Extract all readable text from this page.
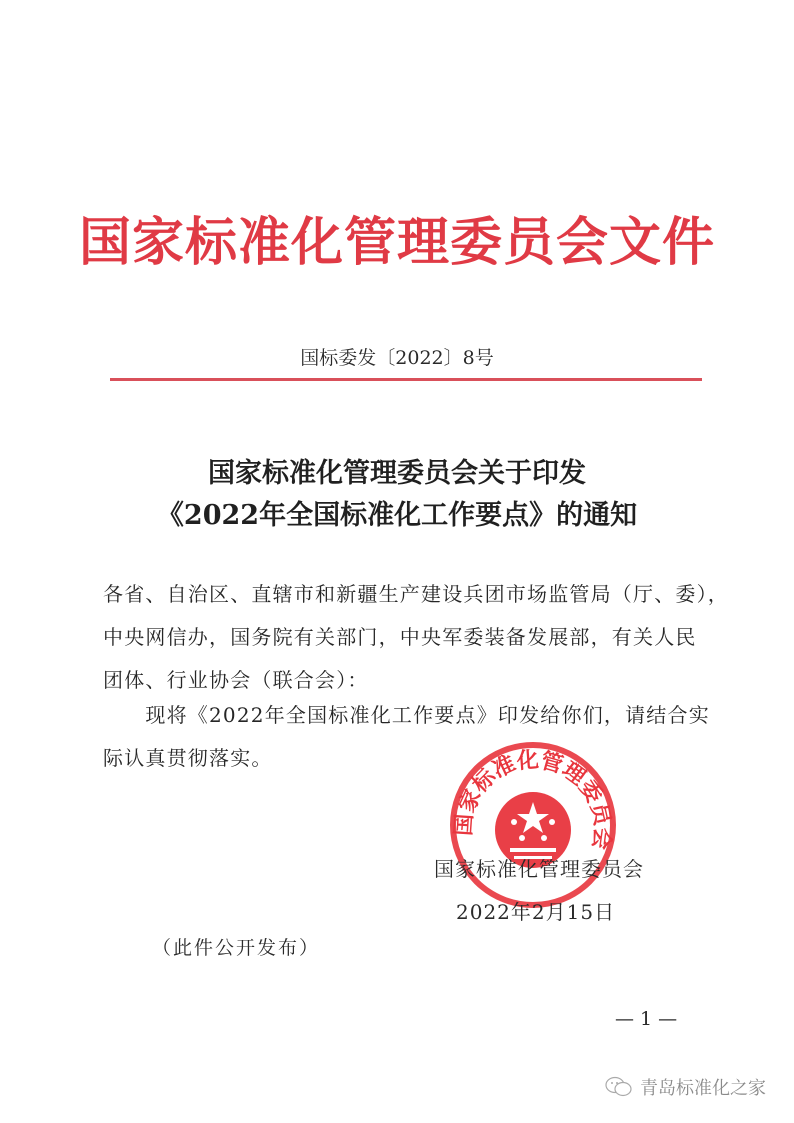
国家标准化管理委员会文件
国标委发〔2022〕8号
国家标准化管理委员会关于印发
《2022年全国标准化工作要点》的通知
各省、自治区、直辖市和新疆生产建设兵团市场监管局（厅、委），
中央网信办，国务院有关部门，中央军委装备发展部，有关人民
团体、行业协会（联合会）：
　　现将《2022年全国标准化工作要点》印发给你们，请结合实
际认真贯彻落实。
国家标准化管理委员会
国家标准化管理委员会
2022年2月15日
（此件公开发布）
— 1 —
青岛标准化之家
